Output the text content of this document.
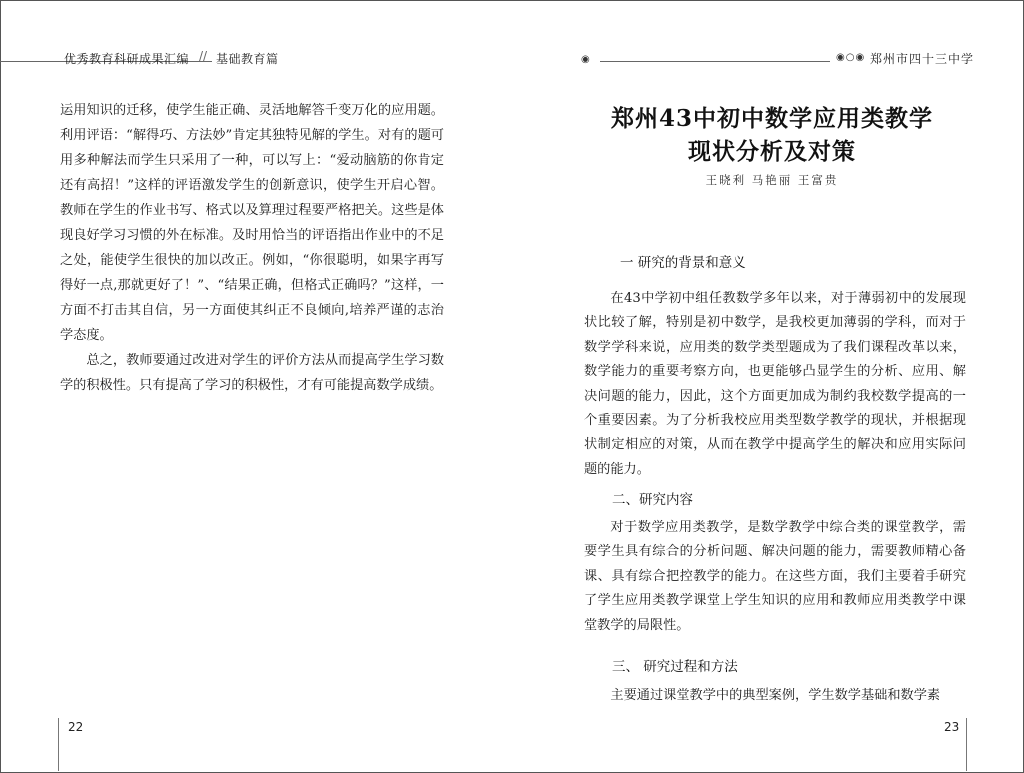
优秀教育科研成果汇编 // 基础教育篇	◉	◉○◉ 郑州市四十三中学

运用知识的迁移，使学生能正确、灵活地解答千变万化的应用题。利用评语：“解得巧、方法妙”肯定其独特见解的学生。对有的题可用多种解法而学生只采用了一种，可以写上：“爱动脑筋的你肯定还有高招！”这样的评语激发学生的创新意识，使学生开启心智。教师在学生的作业书写、格式以及算理过程要严格把关。这些是体现良好学习习惯的外在标准。及时用恰当的评语指出作业中的不足之处，能使学生很快的加以改正。例如，“你很聪明，如果字再写得好一点,那就更好了！”、“结果正确，但格式正确吗？”这样，一方面不打击其自信，另一方面使其纠正不良倾向,培养严谨的志治学态度。

总之，教师要通过改进对学生的评价方法从而提高学生学习数学的积极性。只有提高了学习的积极性，才有可能提高数学成绩。

郑州43中初中数学应用类教学
现状分析及对策
王晓利 马艳丽 王富贵
一 研究的背景和意义

在43中学初中组任教数学多年以来，对于薄弱初中的发展现状比较了解，特别是初中数学，是我校更加薄弱的学科，而对于数学学科来说，应用类的数学类型题成为了我们课程改革以来，数学能力的重要考察方向，也更能够凸显学生的分析、应用、解决问题的能力，因此，这个方面更加成为制约我校数学提高的一个重要因素。为了分析我校应用类型数学教学的现状，并根据现状制定相应的对策，从而在教学中提高学生的解决和应用实际问题的能力。

二、研究内容

对于数学应用类教学，是数学教学中综合类的课堂教学，需要学生具有综合的分析问题、解决问题的能力，需要教师精心备课、具有综合把控教学的能力。在这些方面，我们主要着手研究了学生应用类教学课堂上学生知识的应用和教师应用类教学中课堂教学的局限性。

三、 研究过程和方法

主要通过课堂教学中的典型案例，学生数学基础和数学素

22	23
